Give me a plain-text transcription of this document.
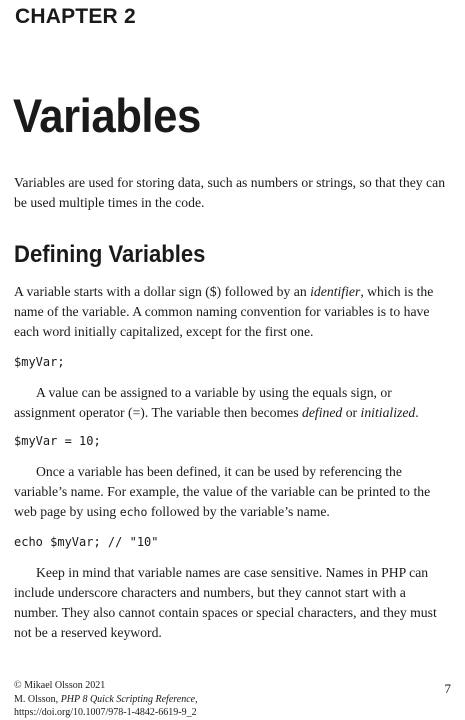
CHAPTER 2
Variables

Variables are used for storing data, such as numbers or strings, so that they can be used multiple times in the code.

Defining Variables

A variable starts with a dollar sign ($) followed by an identifier, which is the name of the variable. A common naming convention for variables is to have each word initially capitalized, except for the first one.

$myVar;

A value can be assigned to a variable by using the equals sign, or assignment operator (=). The variable then becomes defined or initialized.

$myVar = 10;

Once a variable has been defined, it can be used by referencing the variable’s name. For example, the value of the variable can be printed to the web page by using echo followed by the variable’s name.

echo $myVar; // "10"

Keep in mind that variable names are case sensitive. Names in PHP can include underscore characters and numbers, but they cannot start with a number. They also cannot contain spaces or special characters, and they must not be a reserved keyword.

© Mikael Olsson 2021
M. Olsson, PHP 8 Quick Scripting Reference,
https://doi.org/10.1007/978-1-4842-6619-9_2

7
